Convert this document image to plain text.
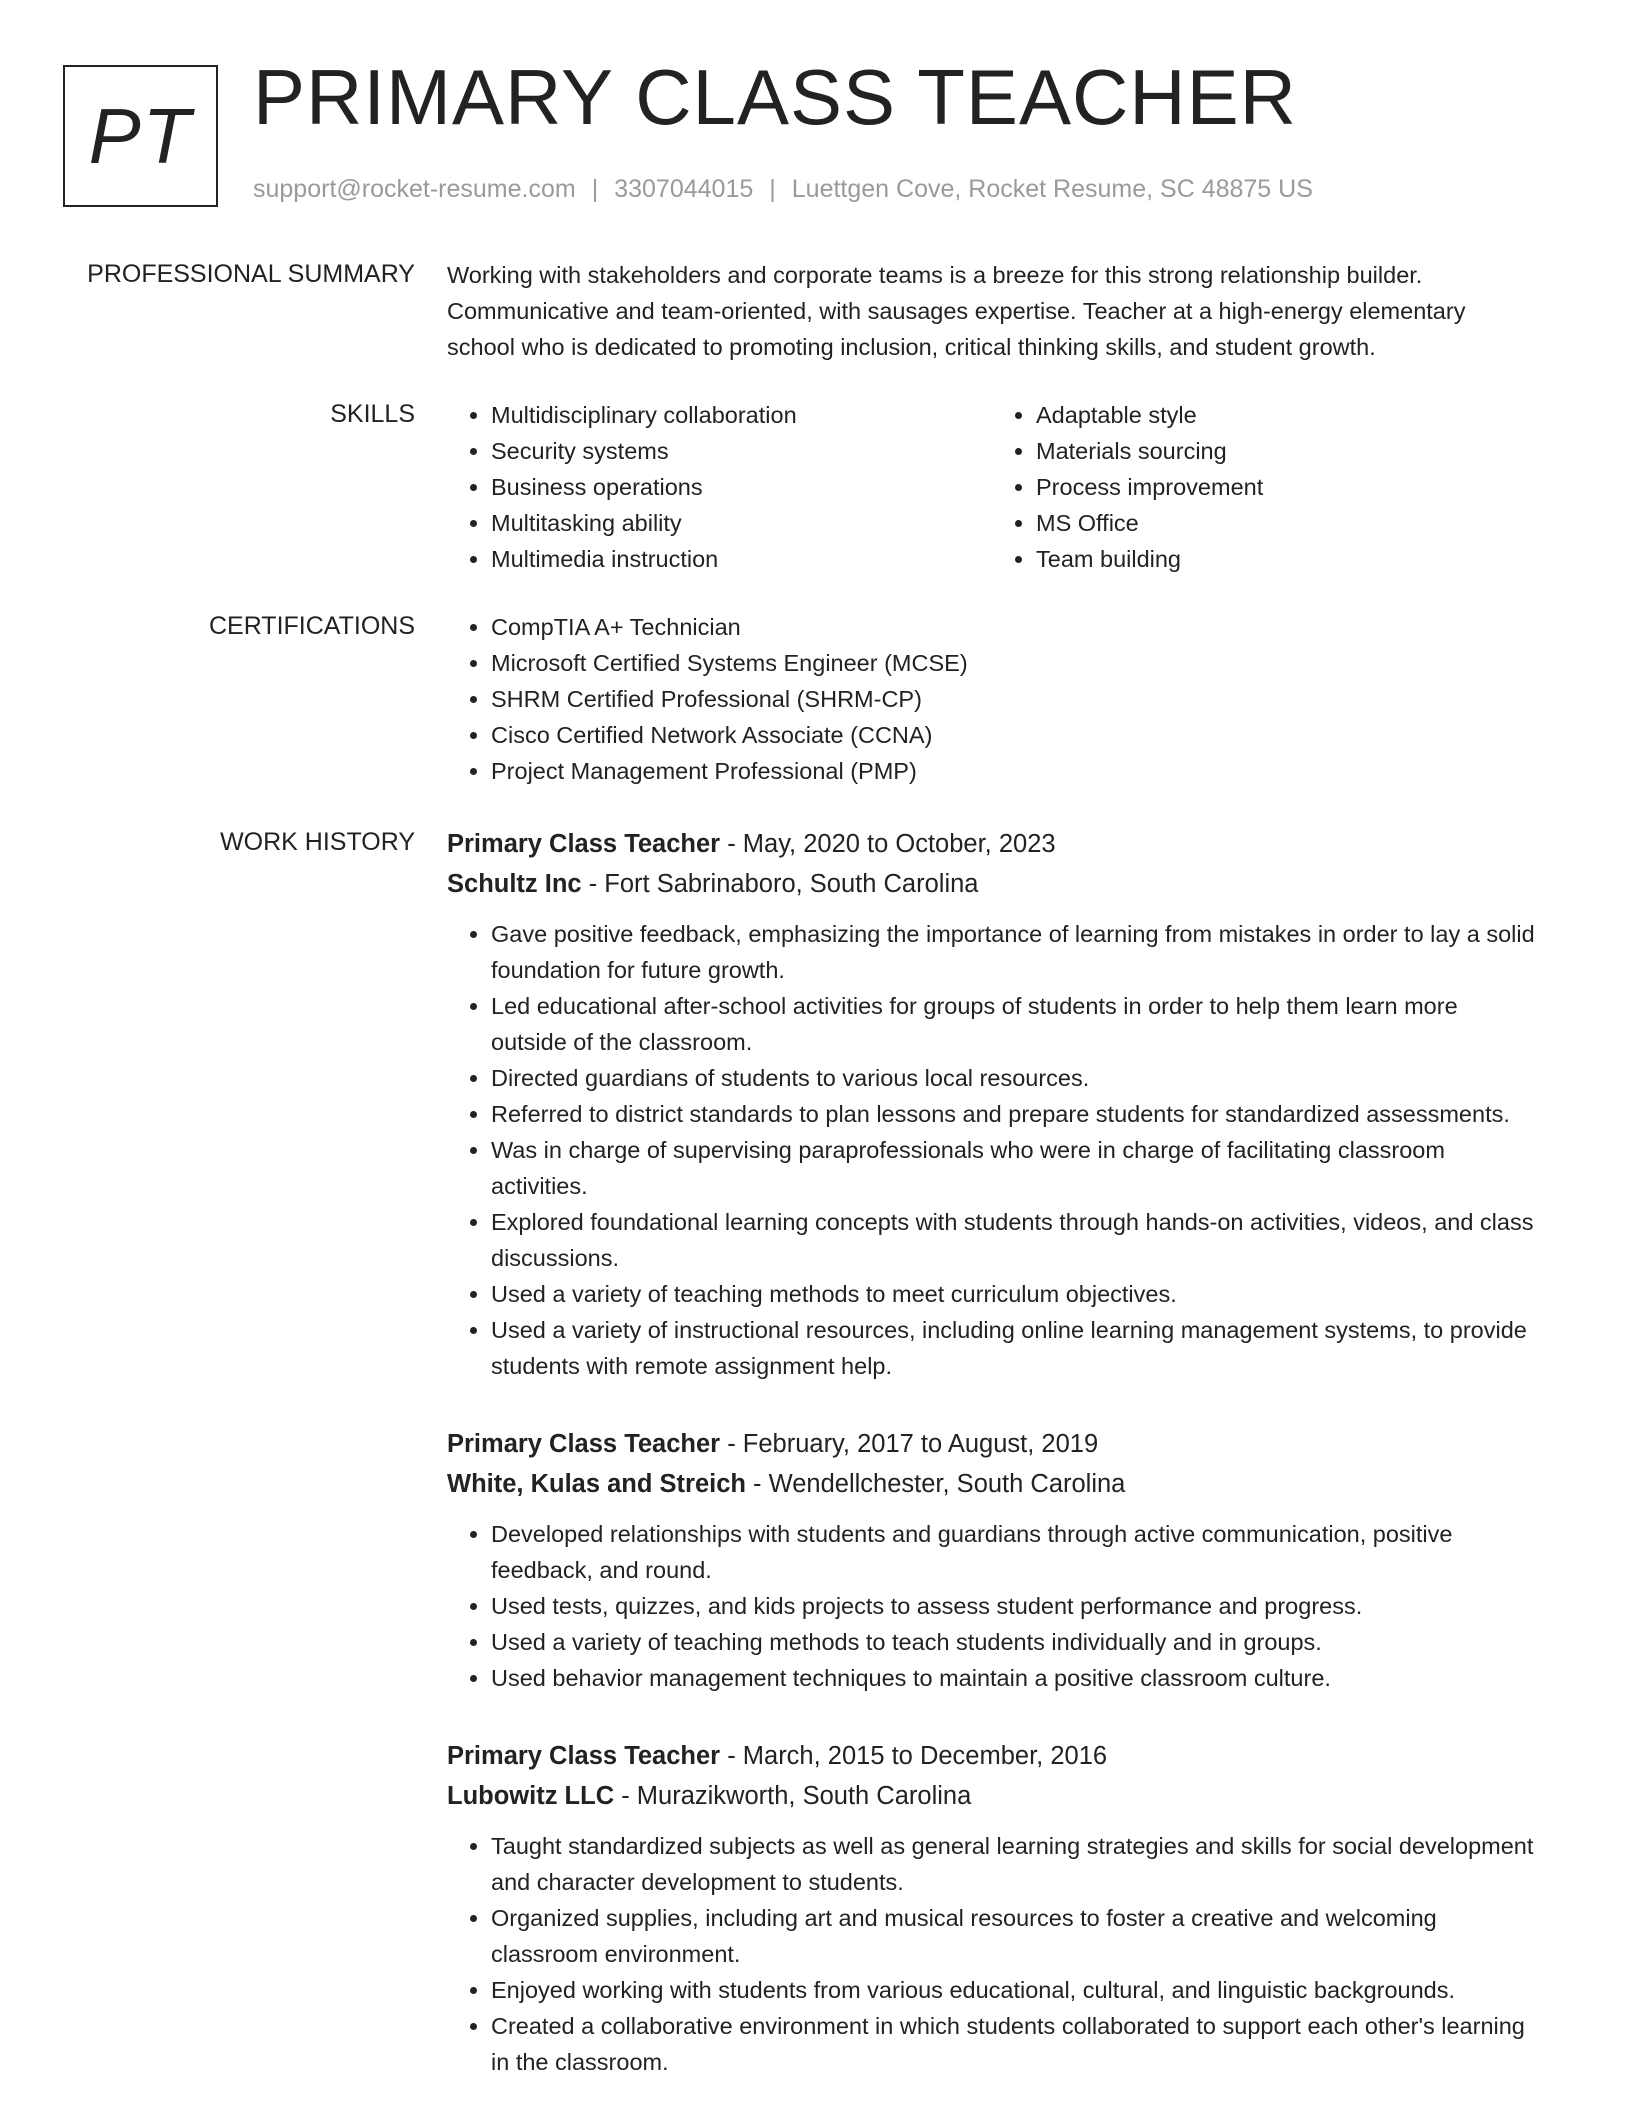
PT PRIMARY CLASS TEACHER
support@rocket-resume.com | 3307044015 | Luettgen Cove, Rocket Resume, SC 48875 US
PROFESSIONAL SUMMARY Working with stakeholders and corporate teams is a breeze for this strong relationship builder. Communicative and team-oriented, with sausages expertise. Teacher at a high-energy elementary school who is dedicated to promoting inclusion, critical thinking skills, and student growth.
SKILLS	• Multidisciplinary collaboration
• Security systems
• Business operations
• Multitasking ability
• Multimedia instruction
• Adaptable style
• Materials sourcing
• Process improvement
• MS Office
• Team building
CERTIFICATIONS	• CompTIA A+ Technician
• Microsoft Certified Systems Engineer (MCSE)
• SHRM Certified Professional (SHRM-CP)
• Cisco Certified Network Associate (CCNA)
• Project Management Professional (PMP)
WORK HISTORY Primary Class Teacher - May, 2020 to October, 2023
Schultz Inc - Fort Sabrinaboro, South Carolina
• Gave positive feedback, emphasizing the importance of learning from mistakes in order to lay a solid foundation for future growth.
• Led educational after-school activities for groups of students in order to help them learn more outside of the classroom.
• Directed guardians of students to various local resources.
• Referred to district standards to plan lessons and prepare students for standardized assessments.
• Was in charge of supervising paraprofessionals who were in charge of facilitating classroom activities.
• Explored foundational learning concepts with students through hands-on activities, videos, and class discussions.
• Used a variety of teaching methods to meet curriculum objectives.
• Used a variety of instructional resources, including online learning management systems, to provide students with remote assignment help.
Primary Class Teacher - February, 2017 to August, 2019
White, Kulas and Streich - Wendellchester, South Carolina
• Developed relationships with students and guardians through active communication, positive feedback, and round.
• Used tests, quizzes, and kids projects to assess student performance and progress.
• Used a variety of teaching methods to teach students individually and in groups.
• Used behavior management techniques to maintain a positive classroom culture.
Primary Class Teacher - March, 2015 to December, 2016
Lubowitz LLC - Murazikworth, South Carolina
• Taught standardized subjects as well as general learning strategies and skills for social development and character development to students.
• Organized supplies, including art and musical resources to foster a creative and welcoming classroom environment.
• Enjoyed working with students from various educational, cultural, and linguistic backgrounds.
• Created a collaborative environment in which students collaborated to support each other's learning in the classroom.
